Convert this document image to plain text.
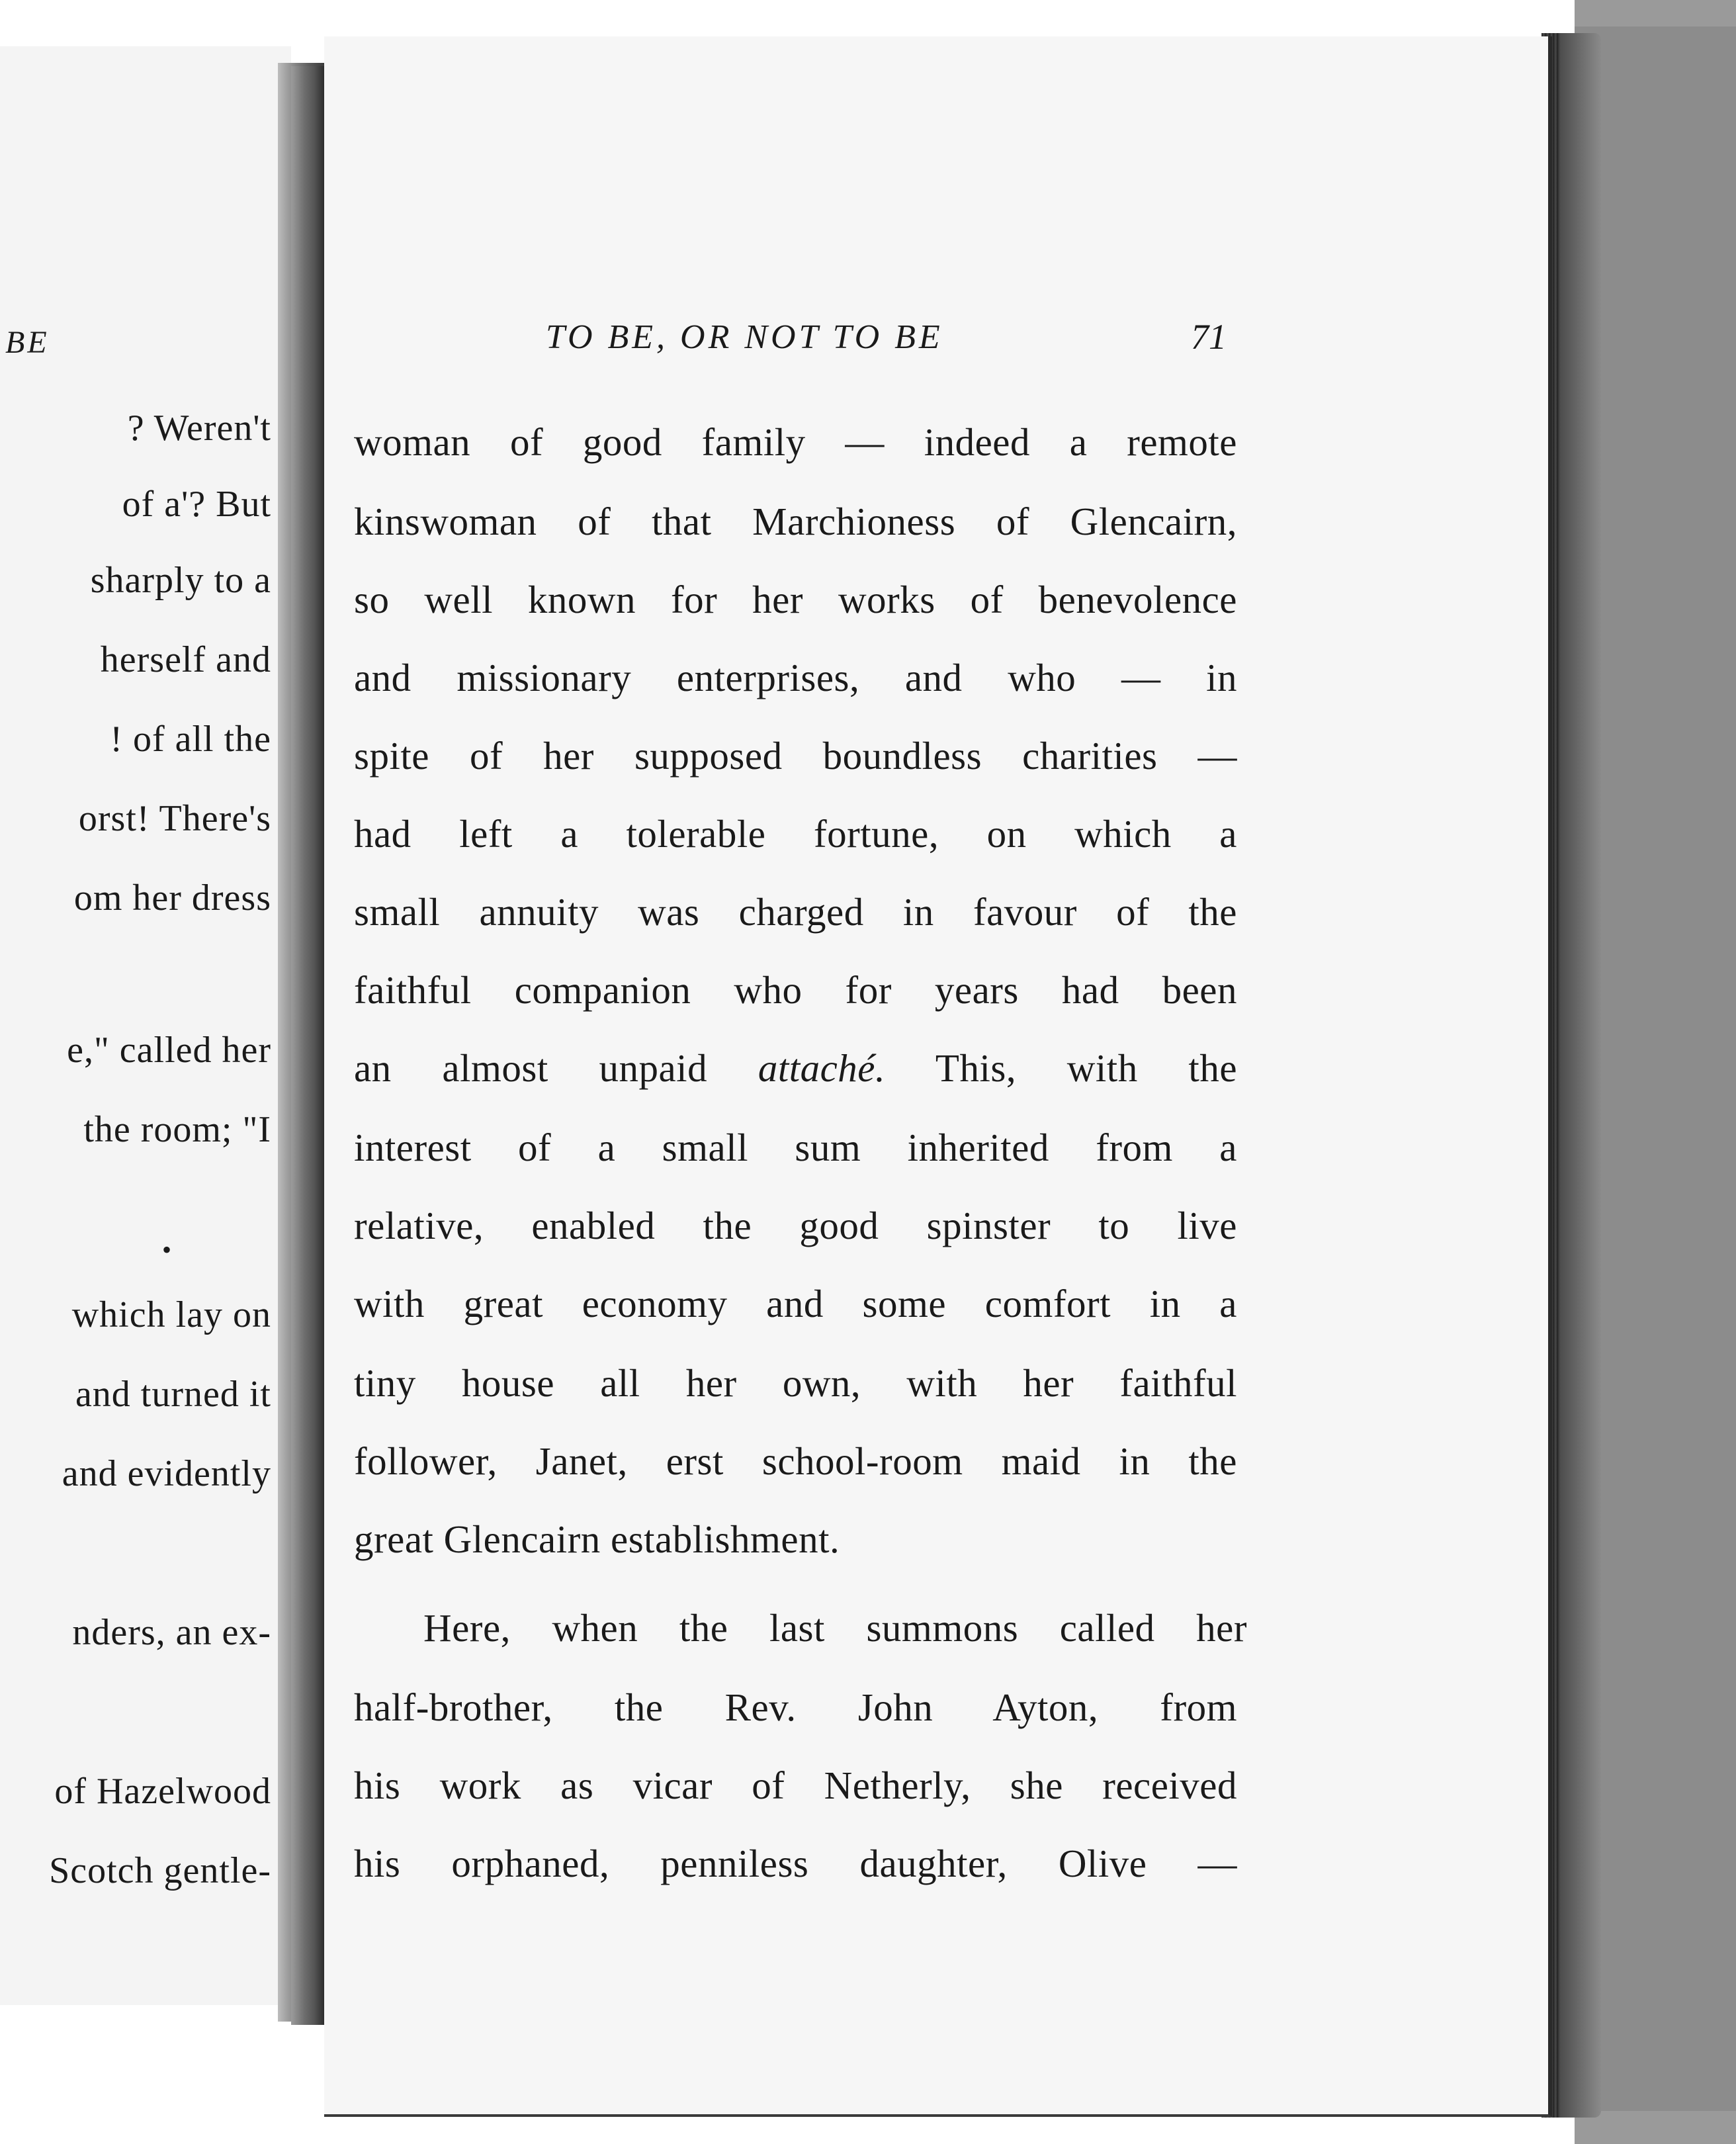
BE
? Weren't
of a'? But
sharply to a
herself and
! of all the
orst! There's
om her dress
e," called her
the room; "I
•
which lay on
and turned it
and evidently
nders, an ex-
of Hazelwood
Scotch gentle-
TO BE, OR NOT TO BE	71
woman of good family — indeed a remote
kinswoman of that Marchioness of Glencairn,
so well known for her works of benevolence
and missionary enterprises, and who — in
spite of her supposed boundless charities —
had left a tolerable fortune, on which a
small annuity was charged in favour of the
faithful companion who for years had been
an almost unpaid attaché. This, with the
interest of a small sum inherited from a
relative, enabled the good spinster to live
with great economy and some comfort in a
tiny house all her own, with her faithful
follower, Janet, erst school-room maid in the
great Glencairn establishment.
Here, when the last summons called her
half-brother, the Rev. John Ayton, from
his work as vicar of Netherly, she received
his orphaned, penniless daughter, Olive —
